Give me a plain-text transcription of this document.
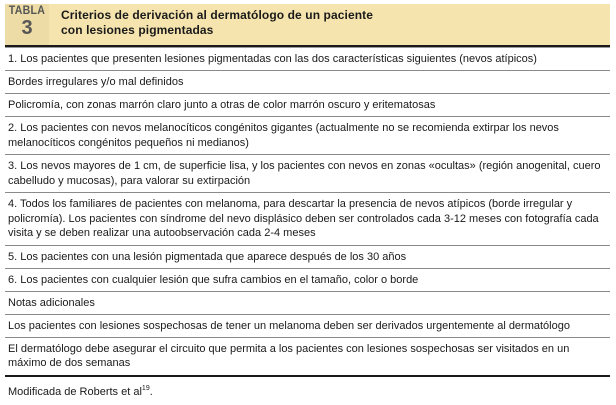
TABLA
3
Criterios de derivación al dermatólogo de un paciente
con lesiones pigmentadas
1. Los pacientes que presenten lesiones pigmentadas con las dos características siguientes (nevos atípicos)
Bordes irregulares y/o mal definidos
Policromía, con zonas marrón claro junto a otras de color marrón oscuro y eritematosas
2. Los pacientes con nevos melanocíticos congénitos gigantes (actualmente no se recomienda extirpar los nevos melanocíticos congénitos pequeños ni medianos)
3. Los nevos mayores de 1 cm, de superficie lisa, y los pacientes con nevos en zonas «ocultas» (región anogenital, cuero cabelludo y mucosas), para valorar su extirpación
4. Todos los familiares de pacientes con melanoma, para descartar la presencia de nevos atípicos (borde irregular y policromía). Los pacientes con síndrome del nevo displásico deben ser controlados cada 3-12 meses con fotografía cada visita y se deben realizar una autoobservación cada 2-4 meses
5. Los pacientes con una lesión pigmentada que aparece después de los 30 años
6. Los pacientes con cualquier lesión que sufra cambios en el tamaño, color o borde
Notas adicionales
Los pacientes con lesiones sospechosas de tener un melanoma deben ser derivados urgentemente al dermatólogo
El dermatólogo debe asegurar el circuito que permita a los pacientes con lesiones sospechosas ser visitados en un máximo de dos semanas
Modificada de Roberts et $al^{19}$.
